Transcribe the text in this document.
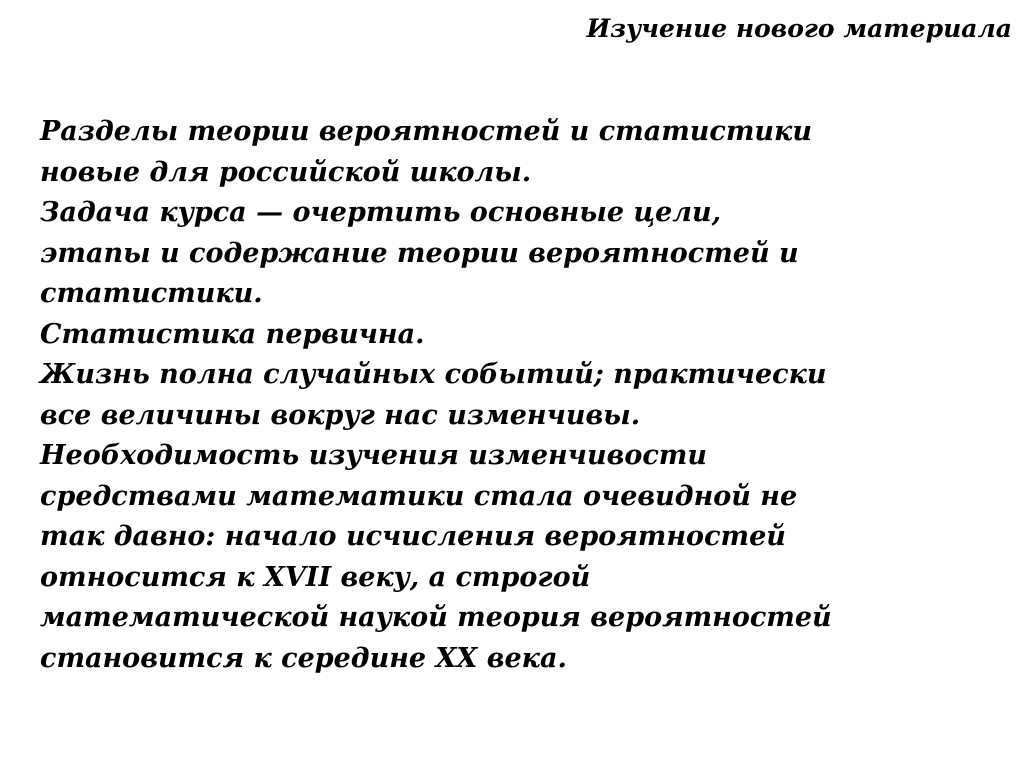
Изучение нового материала
Разделы теории вероятностей и статистики
новые для российской школы.
Задача курса — очертить основные цели,
этапы и содержание теории вероятностей и
статистики.
Статистика первична.
Жизнь полна случайных событий; практически
все величины вокруг нас изменчивы.
Необходимость изучения изменчивости
средствами математики стала очевидной не
так давно: начало исчисления вероятностей
относится к XVII веку, а строгой
математической наукой теория вероятностей
становится к середине XX века.
